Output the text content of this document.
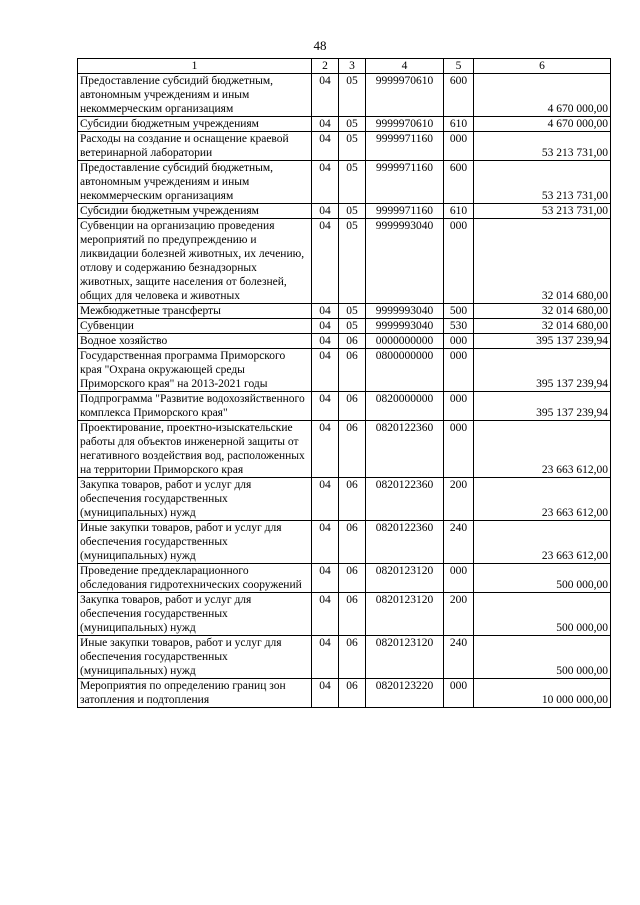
48
1	2	3	4	5	6
Предоставление субсидий бюджетным, автономным учреждениям и иным некоммерческим организациям	04	05	9999970610	600	4 670 000,00
Субсидии бюджетным учреждениям	04	05	9999970610	610	4 670 000,00
Расходы на создание и оснащение краевой ветеринарной лаборатории	04	05	9999971160	000	53 213 731,00
Предоставление субсидий бюджетным, автономным учреждениям и иным некоммерческим организациям	04	05	9999971160	600	53 213 731,00
Субсидии бюджетным учреждениям	04	05	9999971160	610	53 213 731,00
Субвенции на организацию проведения мероприятий по предупреждению и ликвидации болезней животных, их лечению, отлову и содержанию безнадзорных животных, защите населения от болезней, общих для человека и животных	04	05	9999993040	000	32 014 680,00
Межбюджетные трансферты	04	05	9999993040	500	32 014 680,00
Субвенции	04	05	9999993040	530	32 014 680,00
Водное хозяйство	04	06	0000000000	000	395 137 239,94
Государственная программа Приморского края "Охрана окружающей среды Приморского края" на 2013-2021 годы	04	06	0800000000	000	395 137 239,94
Подпрограмма "Развитие водохозяйственного комплекса Приморского края"	04	06	0820000000	000	395 137 239,94
Проектирование, проектно-изыскательские работы для объектов инженерной защиты от негативного воздействия вод, расположенных на территории Приморского края	04	06	0820122360	000	23 663 612,00
Закупка товаров, работ и услуг для обеспечения государственных (муниципальных) нужд	04	06	0820122360	200	23 663 612,00
Иные закупки товаров, работ и услуг для обеспечения государственных (муниципальных) нужд	04	06	0820122360	240	23 663 612,00
Проведение преддекларационного обследования гидротехнических сооружений	04	06	0820123120	000	500 000,00
Закупка товаров, работ и услуг для обеспечения государственных (муниципальных) нужд	04	06	0820123120	200	500 000,00
Иные закупки товаров, работ и услуг для обеспечения государственных (муниципальных) нужд	04	06	0820123120	240	500 000,00
Мероприятия по определению границ зон затопления и подтопления	04	06	0820123220	000	10 000 000,00
